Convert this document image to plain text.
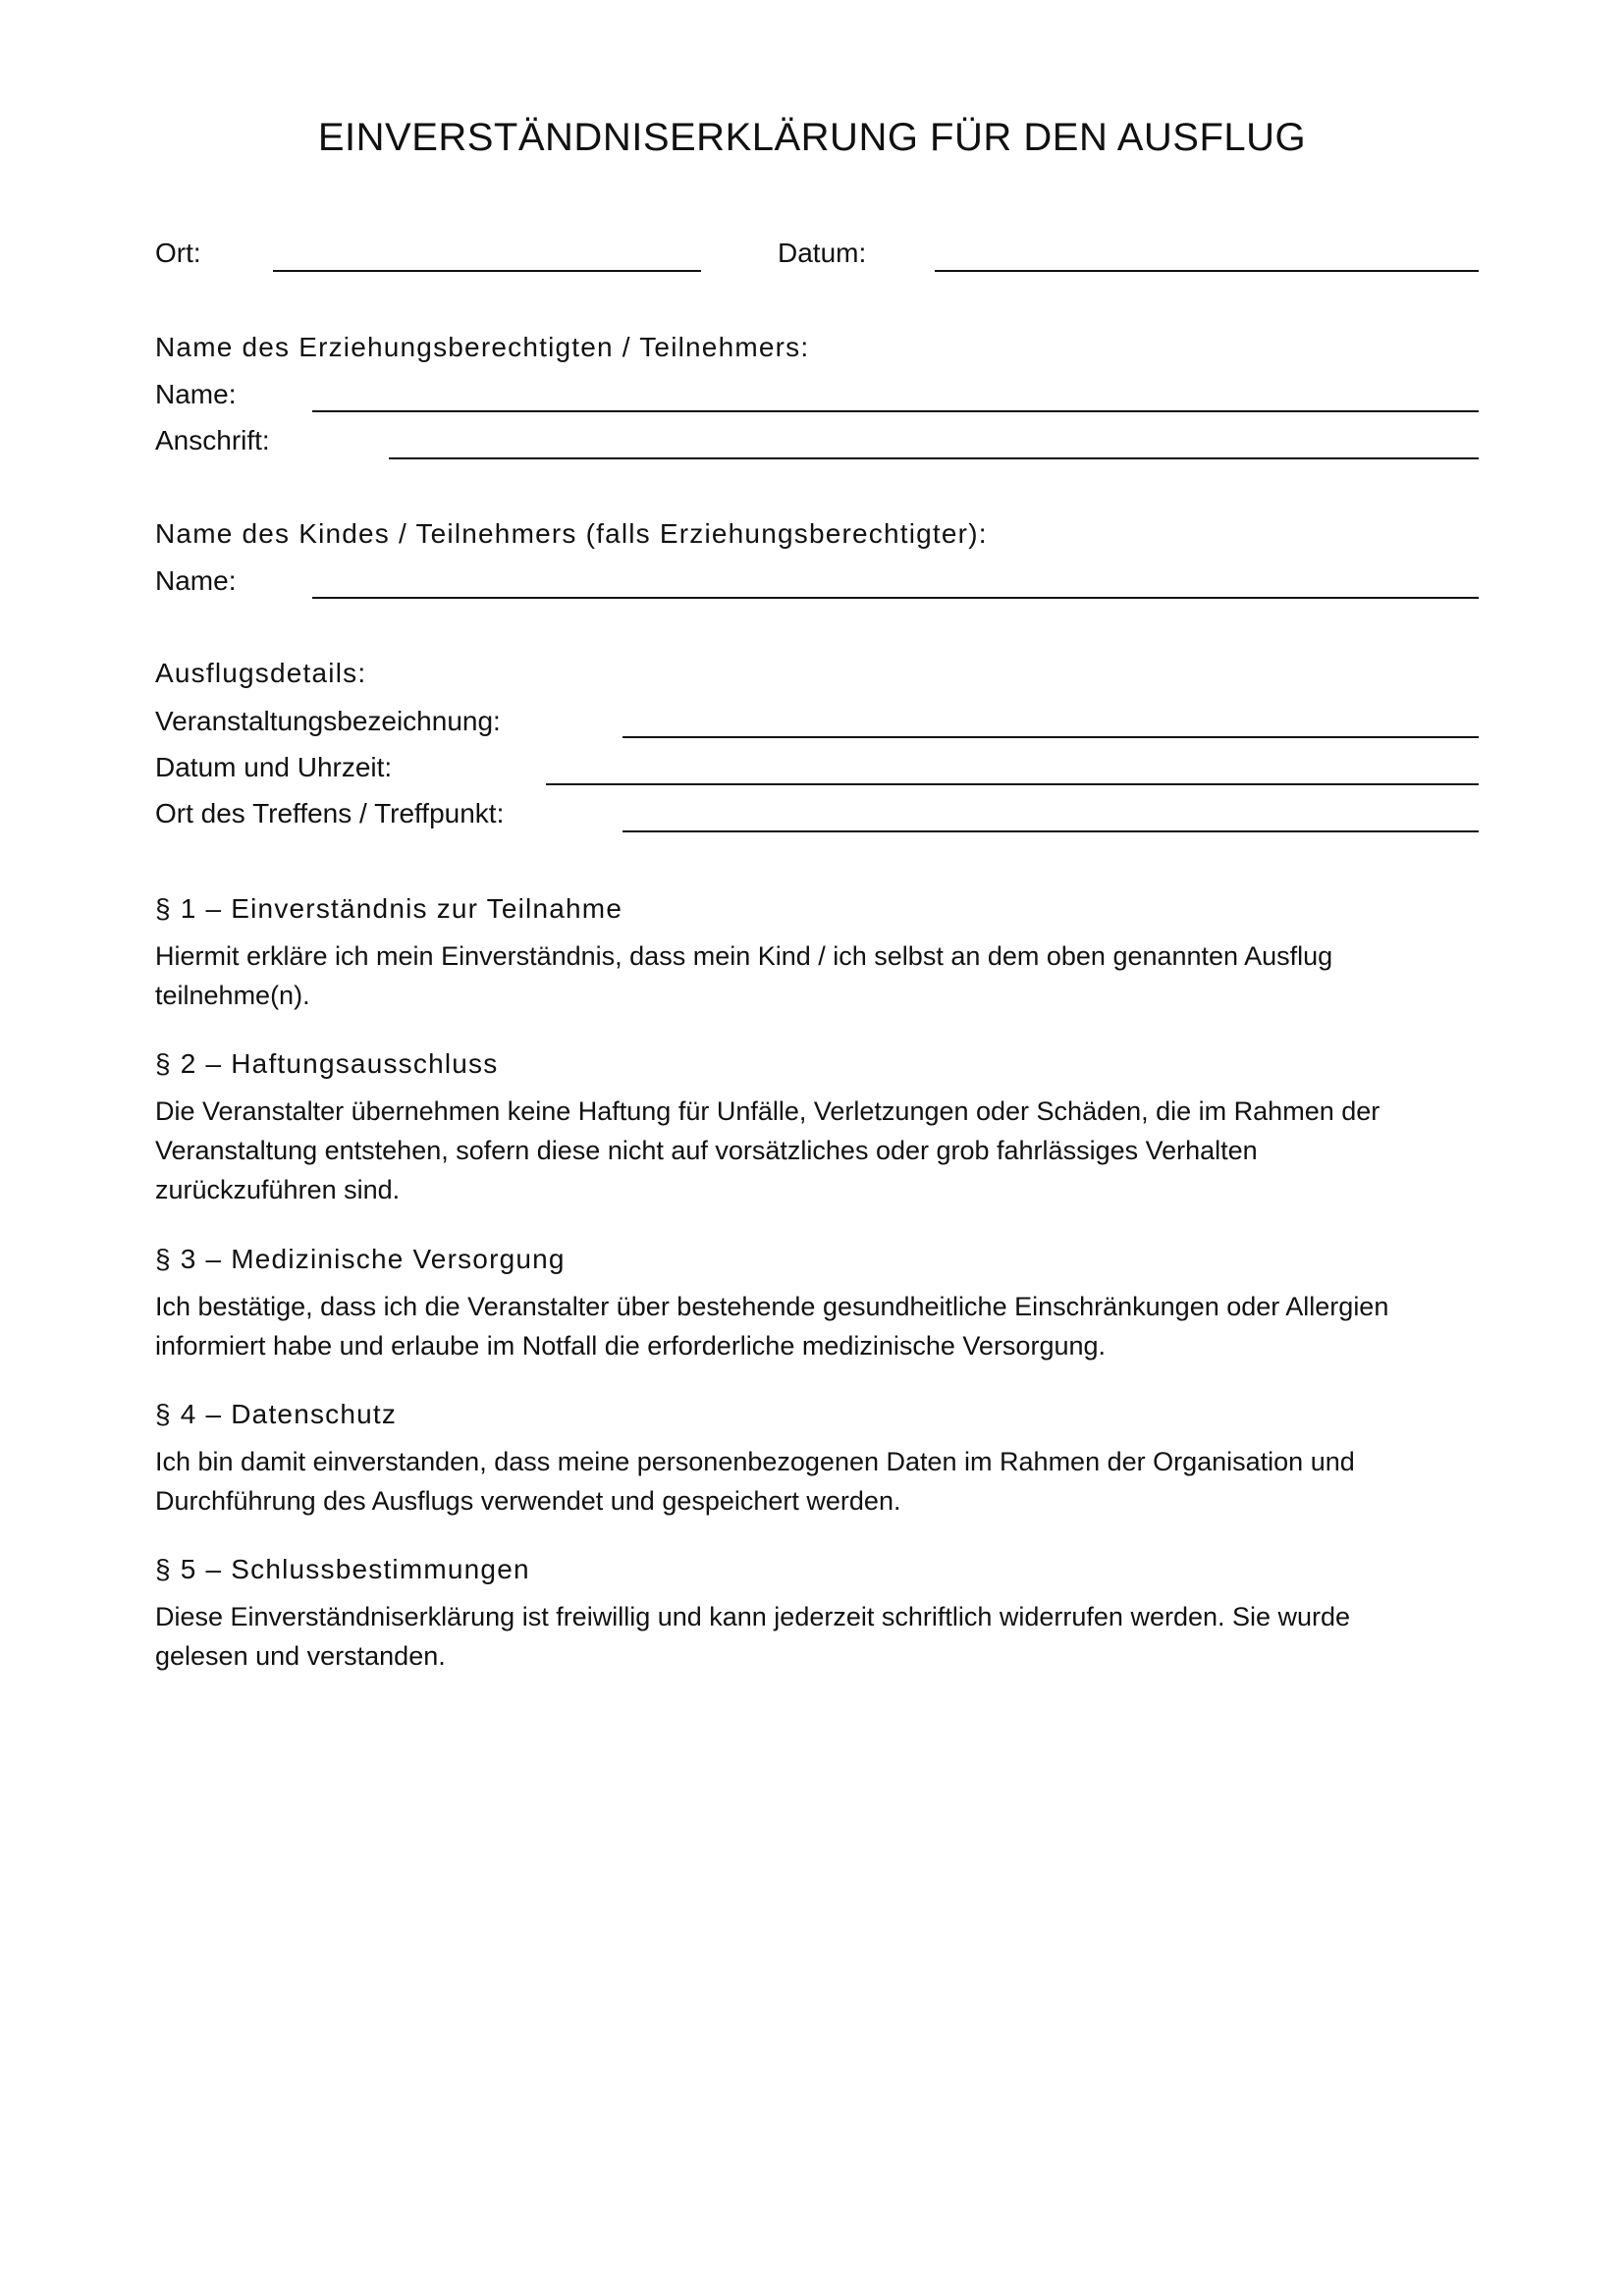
EINVERSTÄNDNISERKLÄRUNG FÜR DEN AUSFLUG
Ort:	Datum:
Name des Erziehungsberechtigten / Teilnehmers:
Name:
Anschrift:
Name des Kindes / Teilnehmers (falls Erziehungsberechtigter):
Name:
Ausflugsdetails:
Veranstaltungsbezeichnung:
Datum und Uhrzeit:
Ort des Treffens / Treffpunkt:
§ 1 – Einverständnis zur Teilnahme
Hiermit erkläre ich mein Einverständnis, dass mein Kind / ich selbst an dem oben genannten Ausflug
teilnehme(n).
§ 2 – Haftungsausschluss
Die Veranstalter übernehmen keine Haftung für Unfälle, Verletzungen oder Schäden, die im Rahmen der
Veranstaltung entstehen, sofern diese nicht auf vorsätzliches oder grob fahrlässiges Verhalten
zurückzuführen sind.
§ 3 – Medizinische Versorgung
Ich bestätige, dass ich die Veranstalter über bestehende gesundheitliche Einschränkungen oder Allergien
informiert habe und erlaube im Notfall die erforderliche medizinische Versorgung.
§ 4 – Datenschutz
Ich bin damit einverstanden, dass meine personenbezogenen Daten im Rahmen der Organisation und
Durchführung des Ausflugs verwendet und gespeichert werden.
§ 5 – Schlussbestimmungen
Diese Einverständniserklärung ist freiwillig und kann jederzeit schriftlich widerrufen werden. Sie wurde
gelesen und verstanden.
